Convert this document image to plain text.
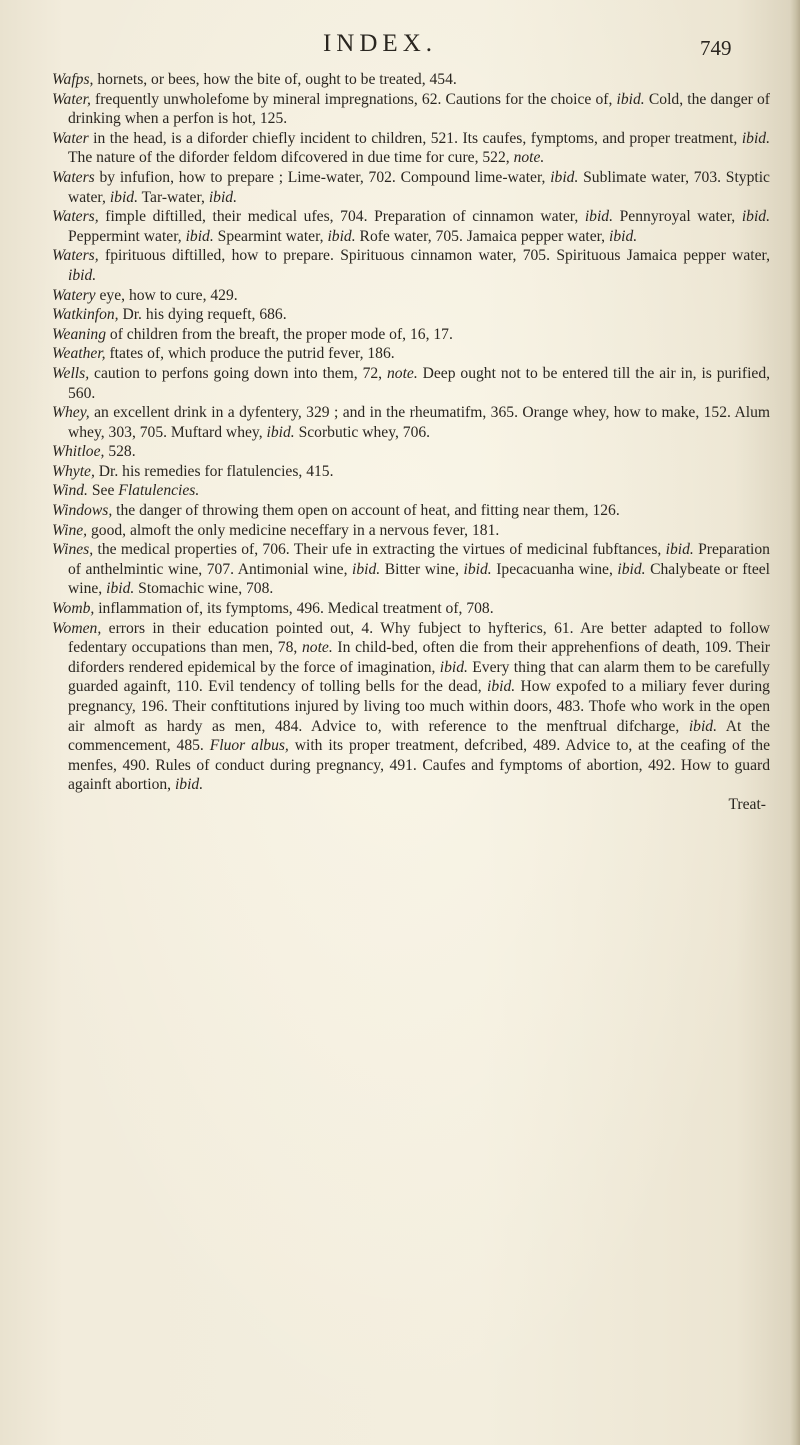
INDEX.	749

Wafps, hornets, or bees, how the bite of, ought to be treated, 454.

Water, frequently unwholefome by mineral impregnations, 62. Cautions for the choice of, ibid. Cold, the danger of drinking when a perfon is hot, 125.

Water in the head, is a diforder chiefly incident to children, 521. Its caufes, fymptoms, and proper treatment, ibid. The nature of the diforder feldom difcovered in due time for cure, 522, note.

Waters by infufion, how to prepare ; Lime-water, 702. Compound lime-water, ibid. Sublimate water, 703. Styptic water, ibid. Tar-water, ibid.

Waters, fimple diftilled, their medical ufes, 704. Preparation of cinnamon water, ibid. Pennyroyal water, ibid. Peppermint water, ibid. Spearmint water, ibid. Rofe water, 705. Jamaica pepper water, ibid.

Waters, fpirituous diftilled, how to prepare. Spirituous cinnamon water, 705. Spirituous Jamaica pepper water, ibid.

Watery eye, how to cure, 429.

Watkinfon, Dr. his dying requeft, 686.

Weaning of children from the breaft, the proper mode of, 16, 17.

Weather, ftates of, which produce the putrid fever, 186.

Wells, caution to perfons going down into them, 72, note. Deep ought not to be entered till the air in, is purified, 560.

Whey, an excellent drink in a dyfentery, 329 ; and in the rheumatifm, 365. Orange whey, how to make, 152. Alum whey, 303, 705. Muftard whey, ibid. Scorbutic whey, 706.

Whitloe, 528.

Whyte, Dr. his remedies for flatulencies, 415.

Wind. See Flatulencies.

Windows, the danger of throwing them open on account of heat, and fitting near them, 126.

Wine, good, almoft the only medicine neceffary in a nervous fever, 181.

Wines, the medical properties of, 706. Their ufe in extracting the virtues of medicinal fubftances, ibid. Preparation of anthelmintic wine, 707. Antimonial wine, ibid. Bitter wine, ibid. Ipecacuanha wine, ibid. Chalybeate or fteel wine, ibid. Stomachic wine, 708.

Womb, inflammation of, its fymptoms, 496. Medical treatment of, 708.

Women, errors in their education pointed out, 4. Why fubject to hyfterics, 61. Are better adapted to follow fedentary occupations than men, 78, note. In child-bed, often die from their apprehenfions of death, 109. Their diforders rendered epidemical by the force of imagination, ibid. Every thing that can alarm them to be carefully guarded againft, 110. Evil tendency of tolling bells for the dead, ibid. How expofed to a miliary fever during pregnancy, 196. Their conftitutions injured by living too much within doors, 483. Thofe who work in the open air almoft as hardy as men, 484. Advice to, with reference to the menftrual difcharge, ibid. At the commencement, 485. Fluor albus, with its proper treatment, defcribed, 489. Advice to, at the ceafing of the menfes, 490. Rules of conduct during pregnancy, 491. Caufes and fymptoms of abortion, 492. How to guard againft abortion, ibid.

Treat-
